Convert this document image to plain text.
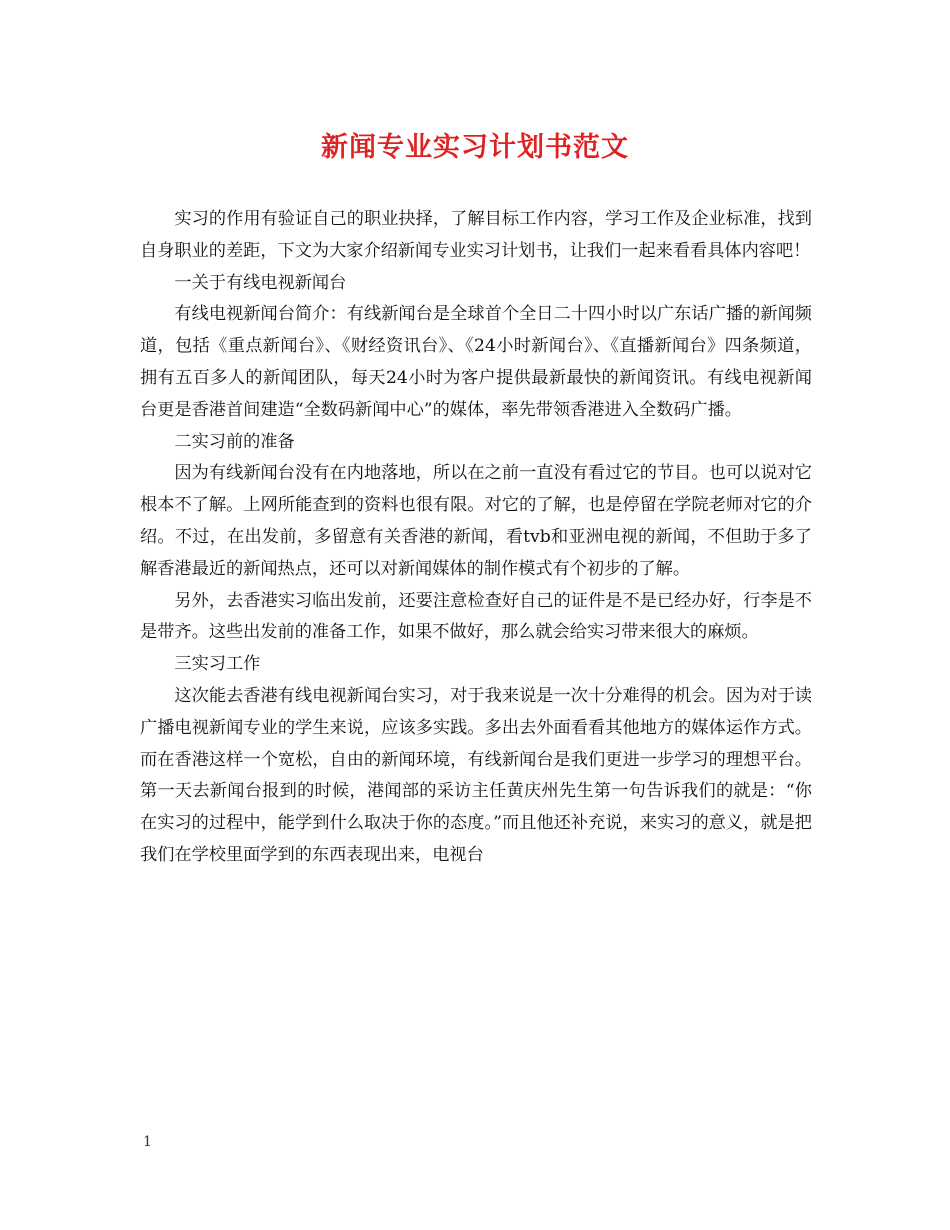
新闻专业实习计划书范文

实习的作用有验证自己的职业抉择，了解目标工作内容，学习工作及企业标准，找到自身职业的差距，下文为大家介绍新闻专业实习计划书，让我们一起来看看具体内容吧！

一关于有线电视新闻台

有线电视新闻台简介：有线新闻台是全球首个全日二十四小时以广东话广播的新闻频道，包括《重点新闻台》、《财经资讯台》、《24小时新闻台》、《直播新闻台》四条频道，拥有五百多人的新闻团队，每天24小时为客户提供最新最快的新闻资讯。有线电视新闻台更是香港首间建造“全数码新闻中心”的媒体，率先带领香港进入全数码广播。

二实习前的准备

因为有线新闻台没有在内地落地，所以在之前一直没有看过它的节目。也可以说对它根本不了解。上网所能查到的资料也很有限。对它的了解，也是停留在学院老师对它的介绍。不过，在出发前，多留意有关香港的新闻，看tvb和亚洲电视的新闻，不但助于多了解香港最近的新闻热点，还可以对新闻媒体的制作模式有个初步的了解。

另外，去香港实习临出发前，还要注意检查好自己的证件是不是已经办好，行李是不是带齐。这些出发前的准备工作，如果不做好，那么就会给实习带来很大的麻烦。

三实习工作

这次能去香港有线电视新闻台实习，对于我来说是一次十分难得的机会。因为对于读广播电视新闻专业的学生来说，应该多实践。多出去外面看看其他地方的媒体运作方式。而在香港这样一个宽松，自由的新闻环境，有线新闻台是我们更进一步学习的理想平台。第一天去新闻台报到的时候，港闻部的采访主任黄庆州先生第一句告诉我们的就是：“你在实习的过程中，能学到什么取决于你的态度。”而且他还补充说，来实习的意义，就是把我们在学校里面学到的东西表现出来，电视台

1
